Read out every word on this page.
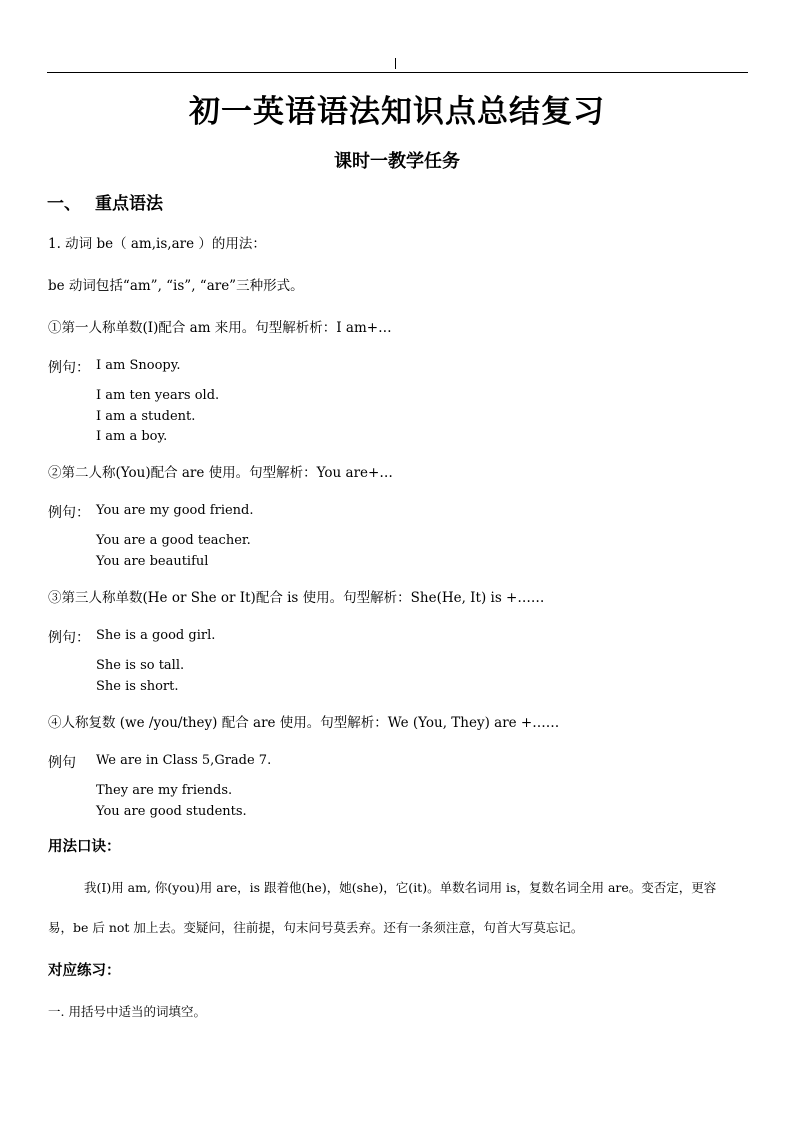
初一英语语法知识点总结复习
课时一教学任务
一、 重点语法
1. 动词 be（ am,is,are ）的用法：
be 动词包括“am”, “is”, “are”三种形式。
①第一人称单数(I)配合 am 来用。句型解析析：I am+…
例句： I am Snoopy.
I am ten years old.
I am a student.
I am a boy.
②第二人称(You)配合 are 使用。句型解析：You are+…
例句： You are my good friend.
You are a good teacher.
You are beautiful
③第三人称单数(He or She or It)配合 is 使用。句型解析：She(He, It) is +……
例句： She is a good girl.
She is so tall.
She is short.
④人称复数 (we /you/they) 配合 are 使用。句型解析：We (You, They) are +……
例句 We are in Class 5,Grade 7.
They are my friends.
You are good students.
用法口诀：
我(I)用 am, 你(you)用 are，is 跟着他(he)，她(she)，它(it)。单数名词用 is，复数名词全用 are。变否定，更容
易，be 后 not 加上去。变疑问，往前提，句末问号莫丢弃。还有一条须注意，句首大写莫忘记。
对应练习：
一. 用括号中适当的词填空。
